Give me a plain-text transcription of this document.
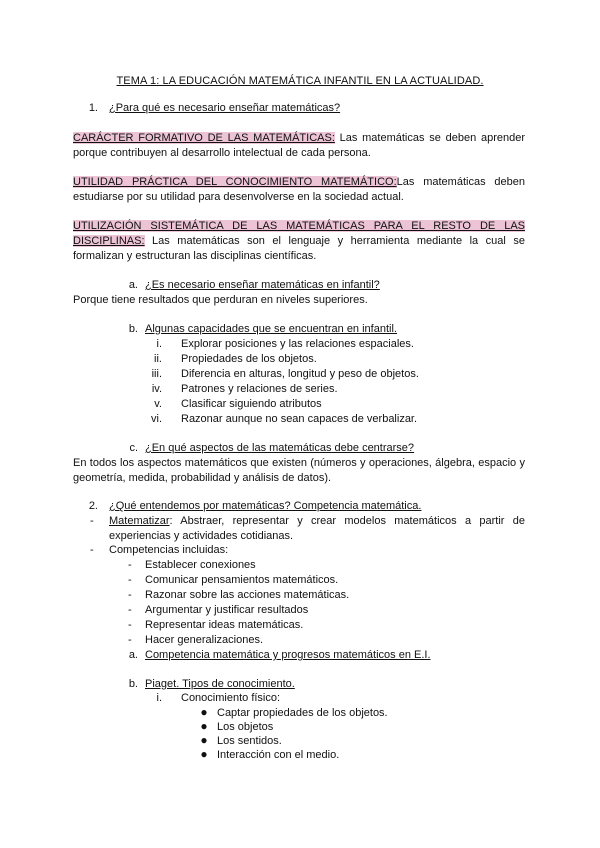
TEMA 1: LA EDUCACIÓN MATEMÁTICA INFANTIL EN LA ACTUALIDAD.
1. ¿Para qué es necesario enseñar matemáticas?
CARÁCTER FORMATIVO DE LAS MATEMÁTICAS: Las matemáticas se deben aprender porque contribuyen al desarrollo intelectual de cada persona.
UTILIDAD PRÁCTICA DEL CONOCIMIENTO MATEMÁTICO:Las matemáticas deben estudiarse por su utilidad para desenvolverse en la sociedad actual.
UTILIZACIÓN SISTEMÁTICA DE LAS MATEMÁTICAS PARA EL RESTO DE LAS DISCIPLINAS: Las matemáticas son el lenguaje y herramienta mediante la cual se formalizan y estructuran las disciplinas científicas.
a. ¿Es necesario enseñar matemáticas en infantil?
Porque tiene resultados que perduran en niveles superiores.
b. Algunas capacidades que se encuentran en infantil.
i. Explorar posiciones y las relaciones espaciales.
ii. Propiedades de los objetos.
iii. Diferencia en alturas, longitud y peso de objetos.
iv. Patrones y relaciones de series.
v. Clasificar siguiendo atributos
vi. Razonar aunque no sean capaces de verbalizar.
c. ¿En qué aspectos de las matemáticas debe centrarse?
En todos los aspectos matemáticos que existen (números y operaciones, álgebra, espacio y geometría, medida, probabilidad y análisis de datos).
2. ¿Qué entendemos por matemáticas? Competencia matemática.
- Matematizar: Abstraer, representar y crear modelos matemáticos a partir de experiencias y actividades cotidianas.
- Competencias incluidas:
- Establecer conexiones
- Comunicar pensamientos matemáticos.
- Razonar sobre las acciones matemáticas.
- Argumentar y justificar resultados
- Representar ideas matemáticas.
- Hacer generalizaciones.
a. Competencia matemática y progresos matemáticos en E.I.
b. Piaget. Tipos de conocimiento.
i. Conocimiento físico:
● Captar propiedades de los objetos.
● Los objetos
● Los sentidos.
● Interacción con el medio.
